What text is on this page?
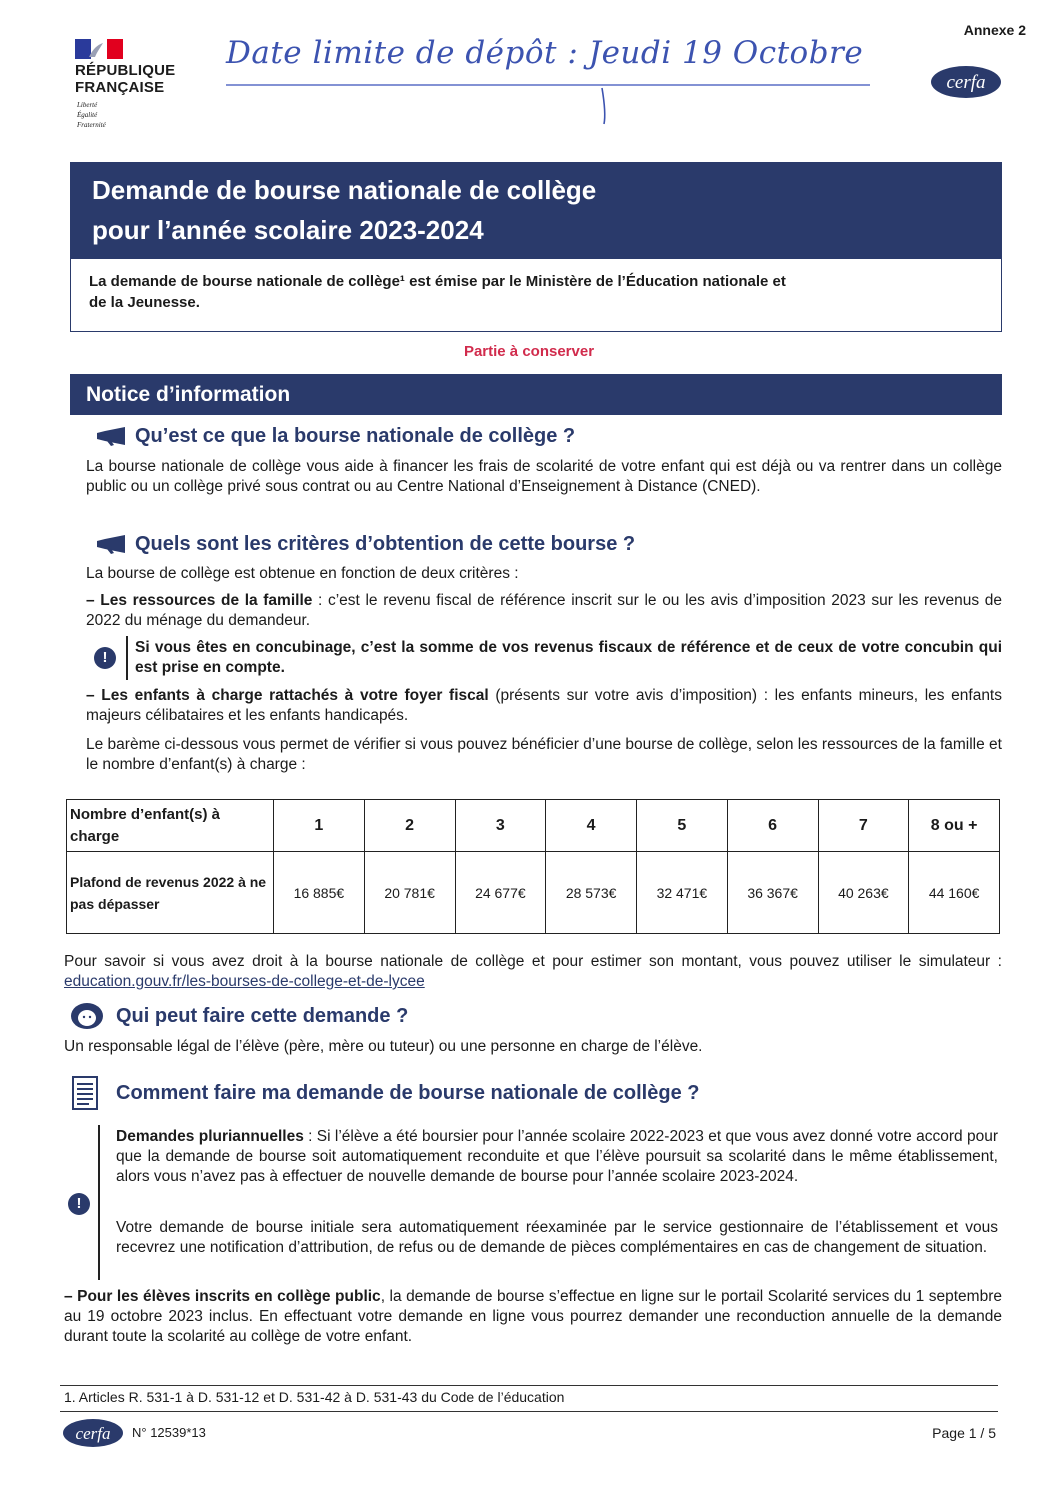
RÉPUBLIQUE
FRANÇAISE
Liberté
Égalité
Fraternité
Date limite de dépôt : Jeudi 19 Octobre
Annexe 2
cerfa
Demande de bourse nationale de collège
pour l’année scolaire 2023-2024
La demande de bourse nationale de collège¹ est émise par le Ministère de l’Éducation nationale et
de la Jeunesse.
Partie à conserver
Notice d’information
Qu’est ce que la bourse nationale de collège ?
La bourse nationale de collège vous aide à financer les frais de scolarité de votre enfant qui est déjà ou va rentrer dans un collège public ou un collège privé sous contrat ou au Centre National d’Enseignement à Distance (CNED).
Quels sont les critères d’obtention de cette bourse ?
La bourse de collège est obtenue en fonction de deux critères :
– Les ressources de la famille : c’est le revenu fiscal de référence inscrit sur le ou les avis d’imposition 2023 sur les revenus de 2022 du ménage du demandeur.
!
Si vous êtes en concubinage, c’est la somme de vos revenus fiscaux de référence et de ceux de votre concubin qui est prise en compte.
– Les enfants à charge rattachés à votre foyer fiscal (présents sur votre avis d’imposition) : les enfants mineurs, les enfants majeurs célibataires et les enfants handicapés.
Le barème ci-dessous vous permet de vérifier si vous pouvez bénéficier d’une bourse de collège, selon les ressources de la famille et le nombre d’enfant(s) à charge :
Nombre d’enfant(s) à charge	1	2	3	4	5	6	7	8 ou +
Plafond de revenus 2022 à ne pas dépasser	16 885€	20 781€	24 677€	28 573€	32 471€	36 367€	40 263€	44 160€
Pour savoir si vous avez droit à la bourse nationale de collège et pour estimer son montant, vous pouvez utiliser le simulateur : education.gouv.fr/les-bourses-de-college-et-de-lycee
Qui peut faire cette demande ?
Un responsable légal de l’élève (père, mère ou tuteur) ou une personne en charge de l’élève.
Comment faire ma demande de bourse nationale de collège ?
!
Demandes pluriannuelles : Si l’élève a été boursier pour l’année scolaire 2022-2023 et que vous avez donné votre accord pour que la demande de bourse soit automatiquement reconduite et que l’élève poursuit sa scolarité dans le même établissement, alors vous n’avez pas à effectuer de nouvelle demande de bourse pour l’année scolaire 2023-2024.
Votre demande de bourse initiale sera automatiquement réexaminée par le service gestionnaire de l’établissement et vous recevrez une notification d’attribution, de refus ou de demande de pièces complémentaires en cas de changement de situation.
– Pour les élèves inscrits en collège public, la demande de bourse s’effectue en ligne sur le portail Scolarité services du 1 septembre au 19 octobre 2023 inclus. En effectuant votre demande en ligne vous pourrez demander une reconduction annuelle de la demande durant toute la scolarité au collège de votre enfant.
1. Articles R. 531-1 à D. 531-12 et D. 531-42 à D. 531-43 du Code de l’éducation
cerfa N° 12539*13	Page 1 / 5
